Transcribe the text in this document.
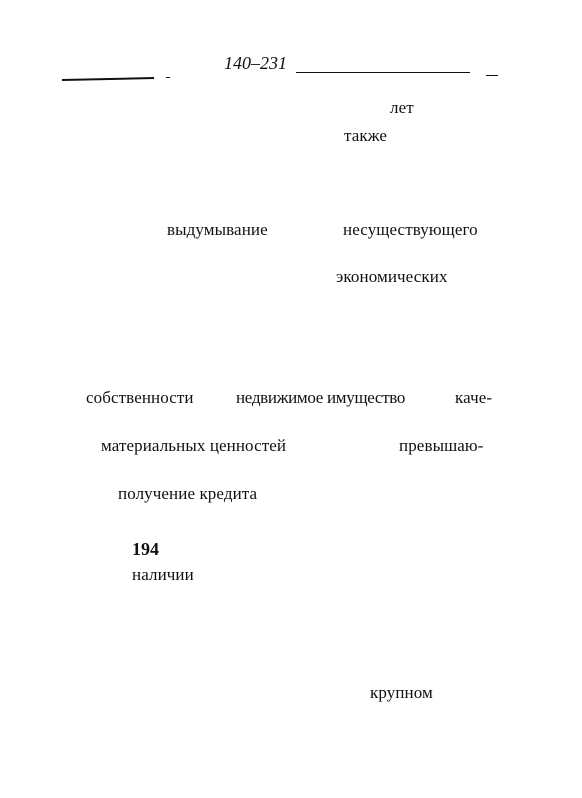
140–231
лет
также
выдумывание	несуществующего
экономических
собственности недвижимое имущество	каче-
материальных ценностей	превышаю-
получение кредита
194
наличии
крупном
